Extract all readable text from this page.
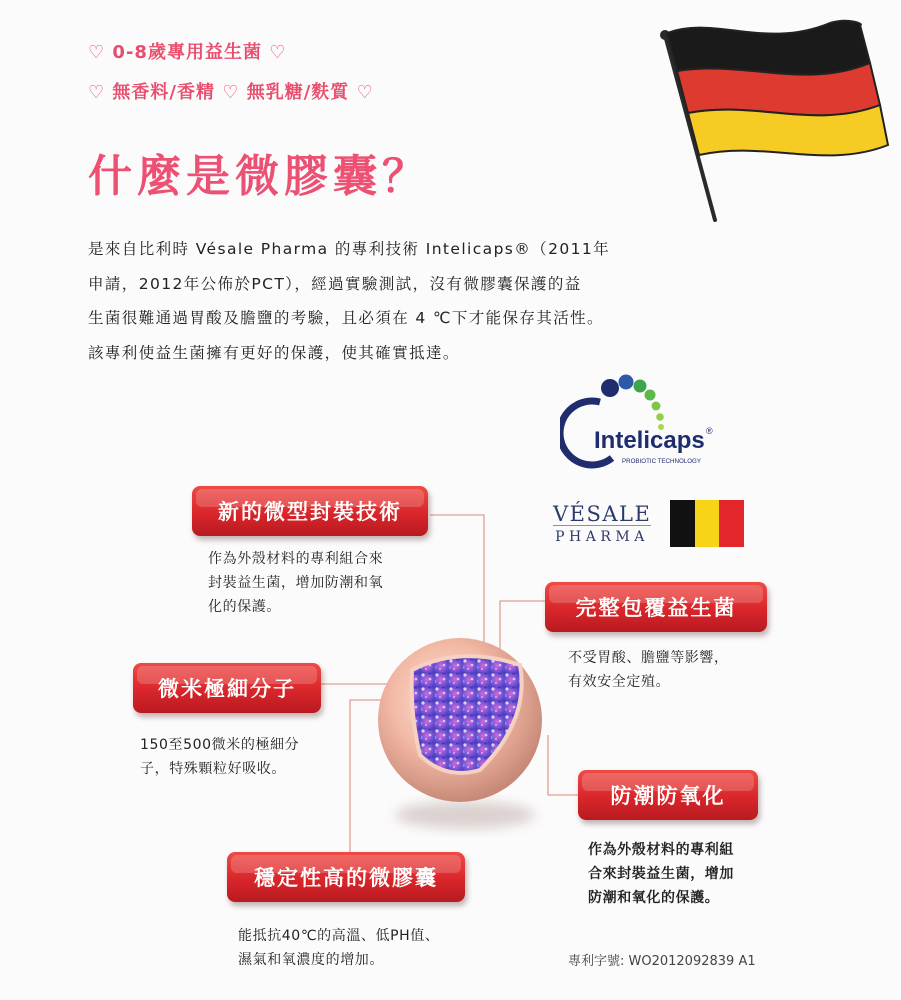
♡ 0-8歲專用益生菌 ♡
♡ 無香料/香精 ♡ 無乳糖/麩質 ♡
什麼是微膠囊？

是來自比利時 Vésale Pharma 的專利技術 Intelicaps®（2011年

申請，2012年公佈於PCT），經過實驗測試，沒有微膠囊保護的益

生菌很難通過胃酸及膽鹽的考驗，且必須在 4 ℃下才能保存其活性。

該專利使益生菌擁有更好的保護，使其確實抵達。

Intelicaps ®
PROBIOTIC TECHNOLOGY
VÉSALE
PHARMA
新的微型封裝技術
完整包覆益生菌
微米極細分子
防潮防氧化
穩定性高的微膠囊

作為外殼材料的專利組合來

封裝益生菌，增加防潮和氧

化的保護。

不受胃酸、膽鹽等影響，

有效安全定殖。

150至500微米的極細分

子，特殊顆粒好吸收。

作為外殼材料的專利組

合來封裝益生菌，增加

防潮和氧化的保護。

能抵抗40℃的高溫、低PH值、

濕氣和氧濃度的增加。	專利字號: WO2012092839 A1
